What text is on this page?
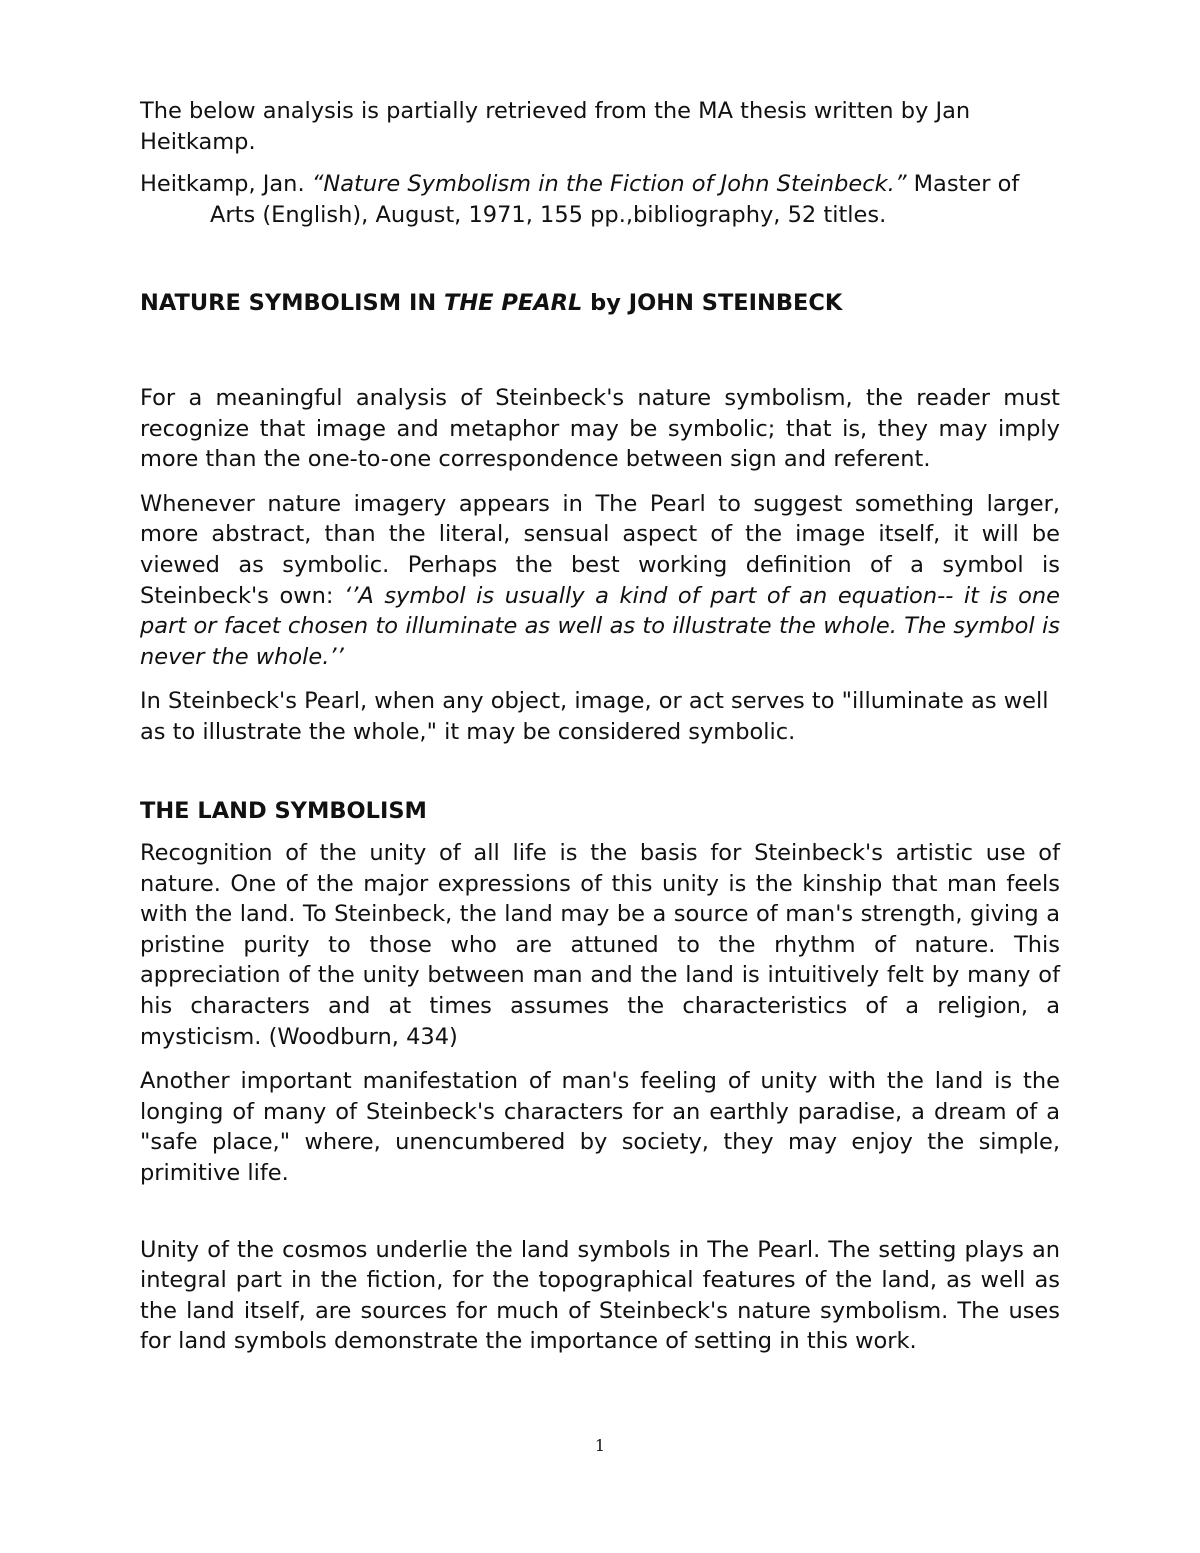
The below analysis is partially retrieved from the MA thesis written by Jan Heitkamp.

Heitkamp, Jan. “Nature Symbolism in the Fiction of John Steinbeck.” Master of Arts (English), August, 1971, 155 pp.,bibliography, 52 titles.

NATURE SYMBOLISM IN THE PEARL by JOHN STEINBECK

For a meaningful analysis of Steinbeck's nature symbolism, the reader must recognize that image and metaphor may be symbolic; that is, they may imply more than the one-to-one correspondence between sign and referent.

Whenever nature imagery appears in The Pearl to suggest something larger, more abstract, than the literal, sensual aspect of the image itself, it will be viewed as symbolic. Perhaps the best working definition of a symbol is Steinbeck's own: ‘’A symbol is usually a kind of part of an equation-- it is one part or facet chosen to illuminate as well as to illustrate the whole. The symbol is never the whole.’’

In Steinbeck's Pearl, when any object, image, or act serves to "illuminate as well as to illustrate the whole," it may be considered symbolic.

THE LAND SYMBOLISM

Recognition of the unity of all life is the basis for Steinbeck's artistic use of nature. One of the major expressions of this unity is the kinship that man feels with the land. To Steinbeck, the land may be a source of man's strength, giving a pristine purity to those who are attuned to the rhythm of nature. This appreciation of the unity between man and the land is intuitively felt by many of his characters and at times assumes the characteristics of a religion, a mysticism. (Woodburn, 434)

Another important manifestation of man's feeling of unity with the land is the longing of many of Steinbeck's characters for an earthly paradise, a dream of a "safe place," where, unencumbered by society, they may enjoy the simple, primitive life.

Unity of the cosmos underlie the land symbols in The Pearl. The setting plays an integral part in the fiction, for the topographical features of the land, as well as the land itself, are sources for much of Steinbeck's nature symbolism. The uses for land symbols demonstrate the importance of setting in this work.

1
